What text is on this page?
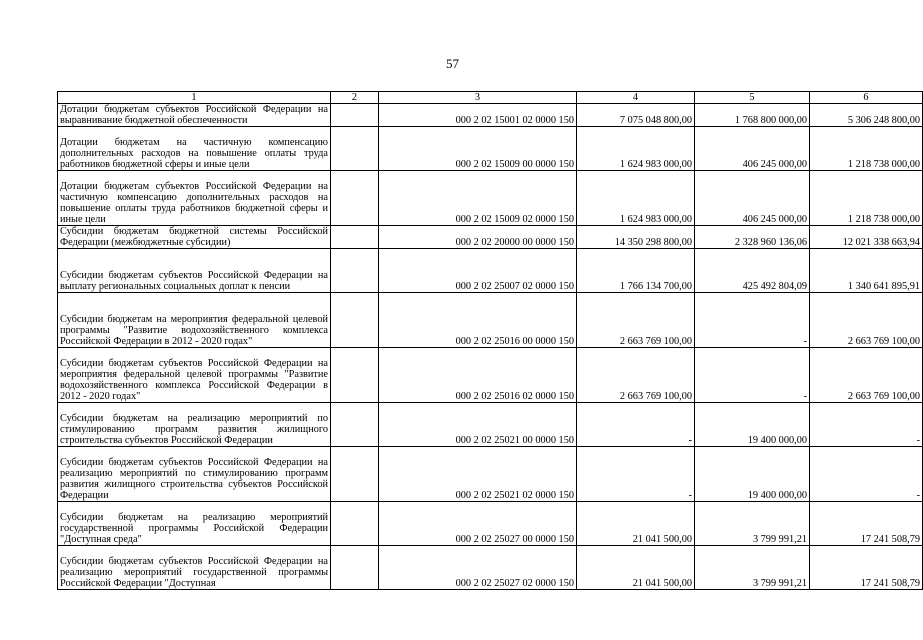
57
1	2	3	4	5	6
Дотации бюджетам субъектов Российской Федерации на выравнивание бюджетной обеспеченности		000 2 02 15001 02 0000 150	7 075 048 800,00	1 768 800 000,00	5 306 248 800,00
Дотации бюджетам на частичную компенсацию дополнительных расходов на повышение оплаты труда работников бюджетной сферы и иные цели		000 2 02 15009 00 0000 150	1 624 983 000,00	406 245 000,00	1 218 738 000,00
Дотации бюджетам субъектов Российской Федерации на частичную компенсацию дополнительных расходов на повышение оплаты труда работников бюджетной сферы и иные цели		000 2 02 15009 02 0000 150	1 624 983 000,00	406 245 000,00	1 218 738 000,00
Субсидии бюджетам бюджетной системы Российской Федерации (межбюджетные субсидии)		000 2 02 20000 00 0000 150	14 350 298 800,00	2 328 960 136,06	12 021 338 663,94
Субсидии бюджетам субъектов Российской Федерации на выплату региональных социальных доплат к пенсии		000 2 02 25007 02 0000 150	1 766 134 700,00	425 492 804,09	1 340 641 895,91
Субсидии бюджетам на мероприятия федеральной целевой программы "Развитие водохозяйственного комплекса Российской Федерации в 2012 - 2020 годах"		000 2 02 25016 00 0000 150	2 663 769 100,00	-	2 663 769 100,00
Субсидии бюджетам субъектов Российской Федерации на мероприятия федеральной целевой программы "Развитие водохозяйственного комплекса Российской Федерации в 2012 - 2020 годах"		000 2 02 25016 02 0000 150	2 663 769 100,00	-	2 663 769 100,00
Субсидии бюджетам на реализацию мероприятий по стимулированию программ развития жилищного строительства субъектов Российской Федерации		000 2 02 25021 00 0000 150	-	19 400 000,00	-
Субсидии бюджетам субъектов Российской Федерации на реализацию мероприятий по стимулированию программ развития жилищного строительства субъектов Российской Федерации		000 2 02 25021 02 0000 150	-	19 400 000,00	-
Субсидии бюджетам на реализацию мероприятий государственной программы Российской Федерации "Доступная среда"		000 2 02 25027 00 0000 150	21 041 500,00	3 799 991,21	17 241 508,79
Субсидии бюджетам субъектов Российской Федерации на реализацию мероприятий государственной программы Российской Федерации "Доступная		000 2 02 25027 02 0000 150	21 041 500,00	3 799 991,21	17 241 508,79
